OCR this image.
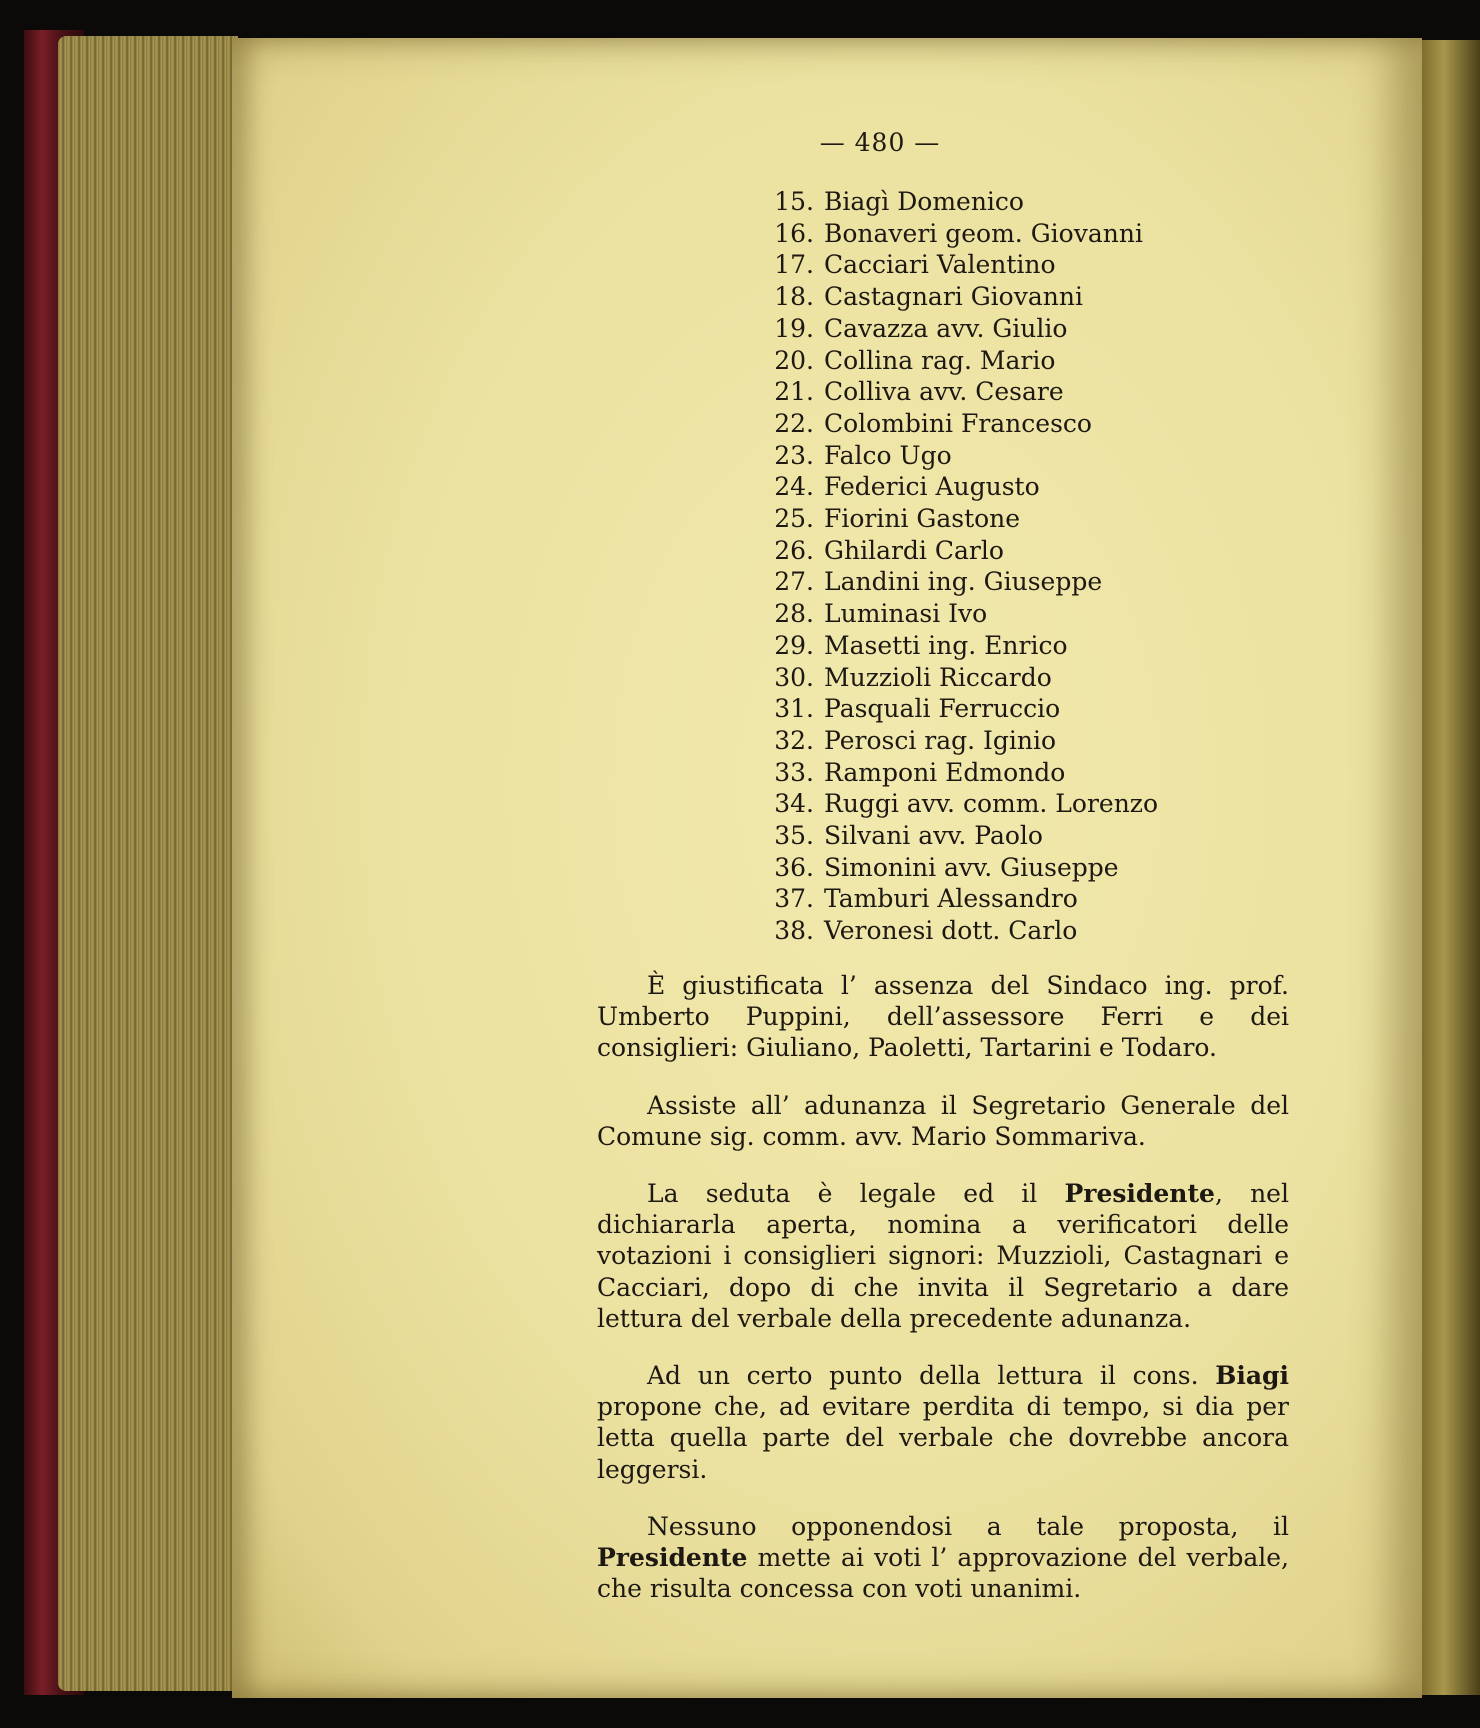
— 480 —
15. Biagì Domenico
16. Bonaveri geom. Giovanni
17. Cacciari Valentino
18. Castagnari Giovanni
19. Cavazza avv. Giulio
20. Collina rag. Mario
21. Colliva avv. Cesare
22. Colombini Francesco
23. Falco Ugo
24. Federici Augusto
25. Fiorini Gastone
26. Ghilardi Carlo
27. Landini ing. Giuseppe
28. Luminasi Ivo
29. Masetti ing. Enrico
30. Muzzioli Riccardo
31. Pasquali Ferruccio
32. Perosci rag. Iginio
33. Ramponi Edmondo
34. Ruggi avv. comm. Lorenzo
35. Silvani avv. Paolo
36. Simonini avv. Giuseppe
37. Tamburi Alessandro
38. Veronesi dott. Carlo

È giustificata l’ assenza del Sindaco ing. prof. Umberto Puppini, dell’assessore Ferri e dei consiglieri: Giuliano, Paoletti, Tartarini e Todaro.

Assiste all’ adunanza il Segretario Generale del Comune sig. comm. avv. Mario Sommariva.

La seduta è legale ed il Presidente, nel dichiararla aperta, nomina a verificatori delle votazioni i consiglieri signori: Muzzioli, Castagnari e Cacciari, dopo di che invita il Segretario a dare lettura del verbale della precedente adunanza.

Ad un certo punto della lettura il cons. Biagi propone che, ad evitare perdita di tempo, si dia per letta quella parte del verbale che dovrebbe ancora leggersi.

Nessuno opponendosi a tale proposta, il Presidente mette ai voti l’ approvazione del verbale, che risulta concessa con voti unanimi.
